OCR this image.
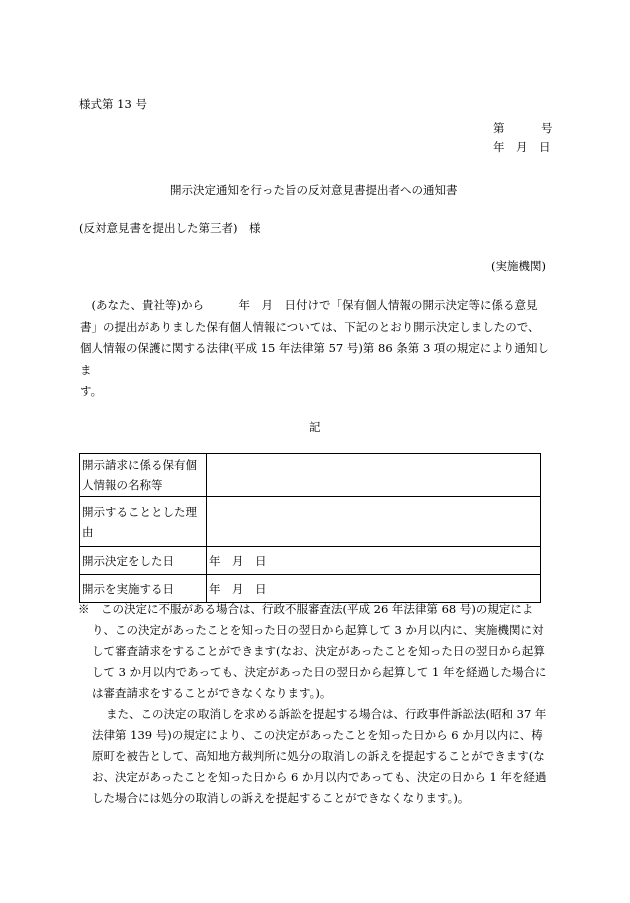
様式第 13 号
第　　　号
年　月　日
開示決定通知を行った旨の反対意見書提出者への通知書
(反対意見書を提出した第三者)　様
(実施機関)
　(あなた、貴社等)から　　　年　月　日付けで「保有個人情報の開示決定等に係る意見
書」の提出がありました保有個人情報については、下記のとおり開示決定しましたので、
個人情報の保護に関する法律(平成 15 年法律第 57 号)第 86 条第 3 項の規定により通知しま
す。
記
開示請求に係る保有個人情報の名称等	
開示することとした理由	
開示決定をした日	年　月　日
開示を実施する日	年　月　日
※　この決定に不服がある場合は、行政不服審査法(平成 26 年法律第 68 号)の規定により、この決定があったことを知った日の翌日から起算して 3 か月以内に、実施機関に対して審査請求をすることができます(なお、決定があったことを知った日の翌日から起算して 3 か月以内であっても、決定があった日の翌日から起算して 1 年を経過した場合には審査請求をすることができなくなります。)。
また、この決定の取消しを求める訴訟を提起する場合は、行政事件訴訟法(昭和 37 年法律第 139 号)の規定により、この決定があったことを知った日から 6 か月以内に、梼原町を被告として、高知地方裁判所に処分の取消しの訴えを提起することができます(なお、決定があったことを知った日から 6 か月以内であっても、決定の日から 1 年を経過した場合には処分の取消しの訴えを提起することができなくなります。)。
